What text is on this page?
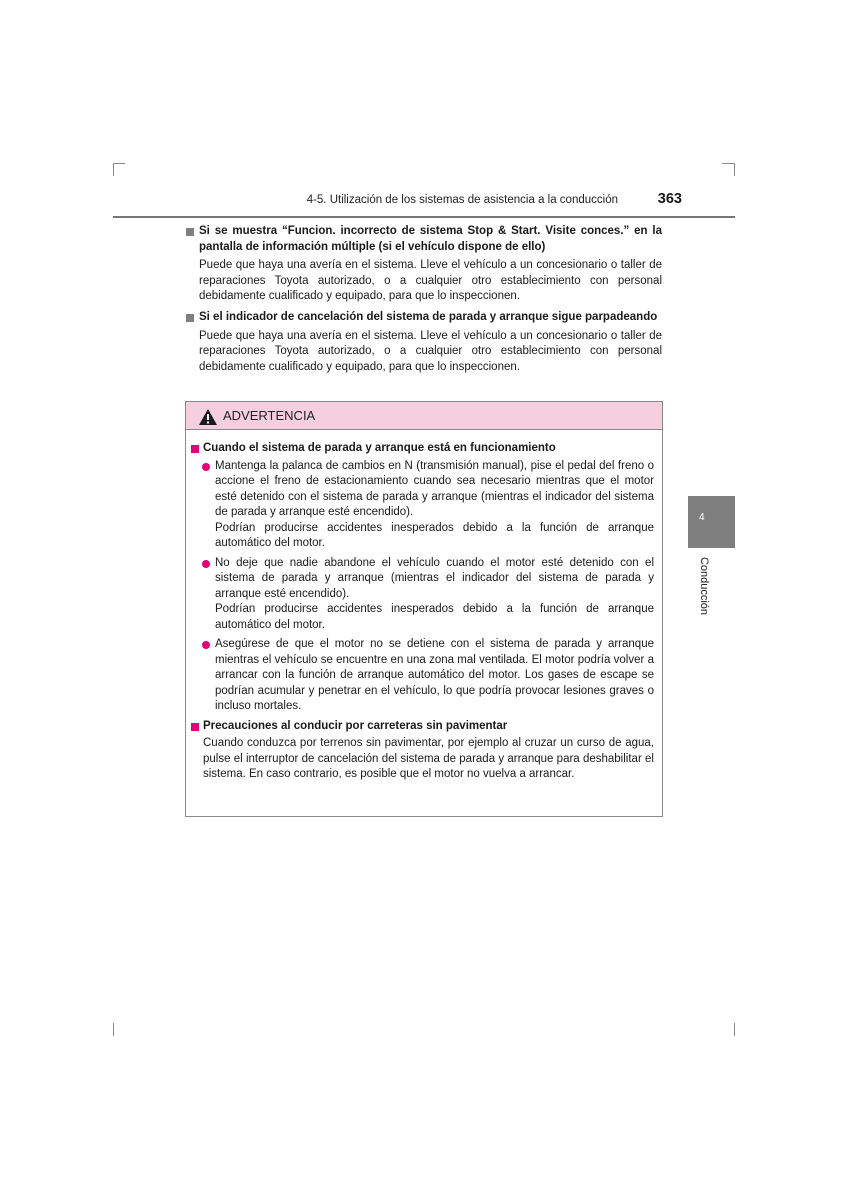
4-5. Utilización de los sistemas de asistencia a la conducción	363
4
Conducción
Si se muestra “Funcion. incorrecto de sistema Stop & Start. Visite conces.” en la pantalla de información múltiple (si el vehículo dispone de ello)
Puede que haya una avería en el sistema. Lleve el vehículo a un concesionario o taller de reparaciones Toyota autorizado, o a cualquier otro establecimiento con personal debidamente cualificado y equipado, para que lo inspeccionen.
Si el indicador de cancelación del sistema de parada y arranque sigue parpadeando
Puede que haya una avería en el sistema. Lleve el vehículo a un concesionario o taller de reparaciones Toyota autorizado, o a cualquier otro establecimiento con personal debidamente cualificado y equipado, para que lo inspeccionen.
ADVERTENCIA
Cuando el sistema de parada y arranque está en funcionamiento

Mantenga la palanca de cambios en N (transmisión manual), pise el pedal del freno o accione el freno de estacionamiento cuando sea necesario mientras que el motor esté detenido con el sistema de parada y arranque (mientras el indicador del sistema de parada y arranque esté encendido).

Podrían producirse accidentes inesperados debido a la función de arranque automático del motor.

No deje que nadie abandone el vehículo cuando el motor esté detenido con el sistema de parada y arranque (mientras el indicador del sistema de parada y arranque esté encendido).

Podrían producirse accidentes inesperados debido a la función de arranque automático del motor.

Asegúrese de que el motor no se detiene con el sistema de parada y arranque mientras el vehículo se encuentre en una zona mal ventilada. El motor podría volver a arrancar con la función de arranque automático del motor. Los gases de escape se podrían acumular y penetrar en el vehículo, lo que podría provocar lesiones graves o incluso mortales.

Precauciones al conducir por carreteras sin pavimentar

Cuando conduzca por terrenos sin pavimentar, por ejemplo al cruzar un curso de agua, pulse el interruptor de cancelación del sistema de parada y arranque para deshabilitar el sistema. En caso contrario, es posible que el motor no vuelva a arrancar.
